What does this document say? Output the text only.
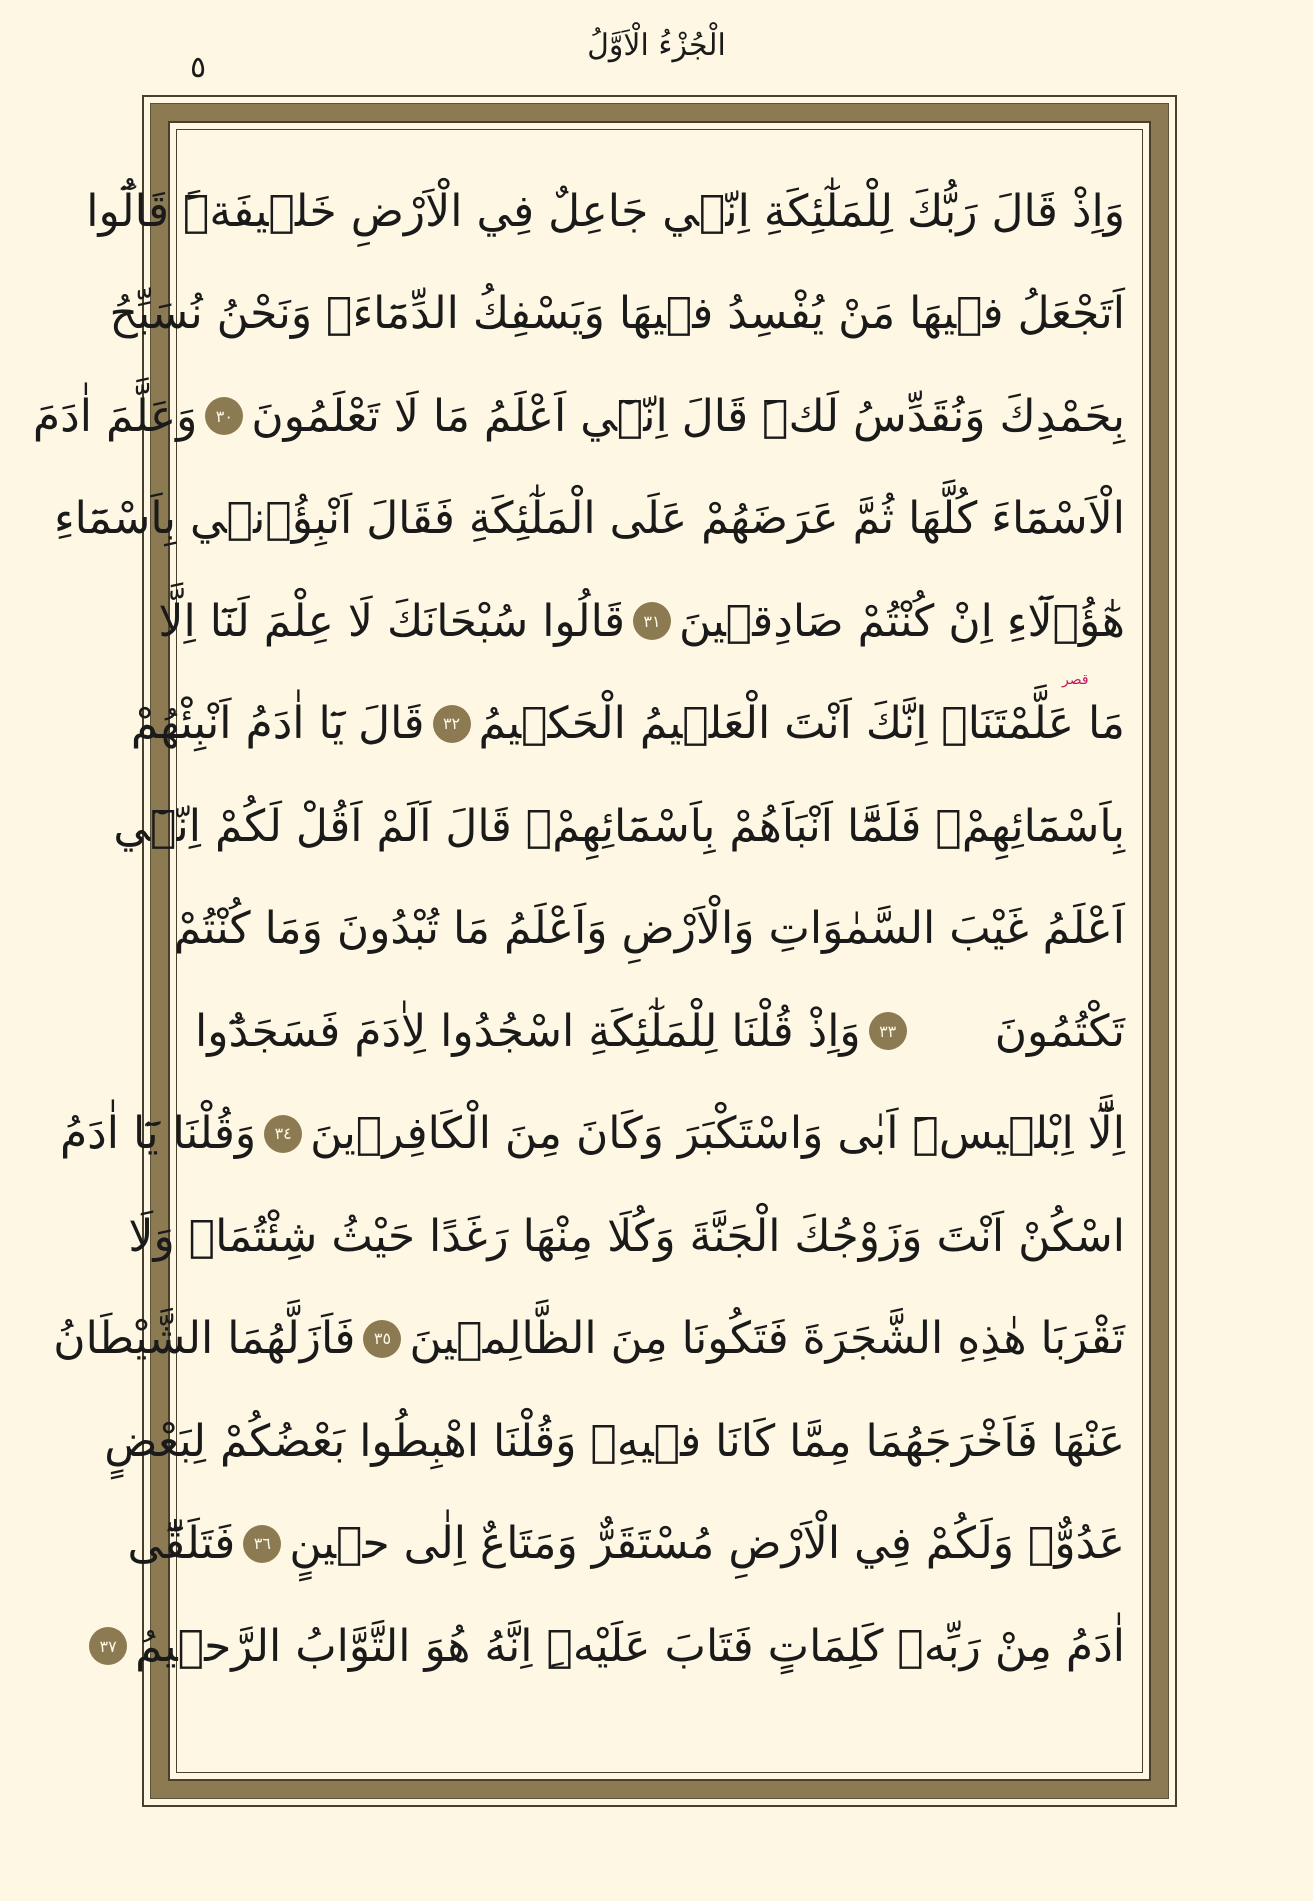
الْجُزْءُ الْاَوَّلُ
٥
وَاِذْ قَالَ رَبُّكَ لِلْمَلٰٓئِكَةِ اِنّ۪ي جَاعِلٌ فِي الْاَرْضِ خَل۪يفَةًۜ قَالُٓوا
اَتَجْعَلُ ف۪يهَا مَنْ يُفْسِدُ ف۪يهَا وَيَسْفِكُ الدِّمَٓاءَۚ وَنَحْنُ نُسَبِّحُ
بِحَمْدِكَ وَنُقَدِّسُ لَكَۜ قَالَ اِنّ۪ٓي اَعْلَمُ مَا لَا تَعْلَمُونَ
٣٠
وَعَلَّمَ اٰدَمَ
الْاَسْمَٓاءَ كُلَّهَا ثُمَّ عَرَضَهُمْ عَلَى الْمَلٰٓئِكَةِ فَقَالَ اَنْبِؤُ۫ن۪ي بِاَسْمَٓاءِ
هٰٓؤُ۬لَٓاءِ اِنْ كُنْتُمْ صَادِق۪ينَ
٣١
قَالُوا سُبْحَانَكَ لَا عِلْمَ لَنَٓا اِلَّا
مَا عَلَّمْتَنَاۜ اِنَّكَ اَنْتَ الْعَل۪يمُ الْحَك۪يمُ
٣٢
قَالَ يَٓا اٰدَمُ اَنْبِئْهُمْ
بِاَسْمَٓائِهِمْۚ فَلَمَّٓا اَنْبَاَهُمْ بِاَسْمَٓائِهِمْۙ قَالَ اَلَمْ اَقُلْ لَكُمْ اِنّ۪ٓي
اَعْلَمُ غَيْبَ السَّمٰوَاتِ وَالْاَرْضِ وَاَعْلَمُ مَا تُبْدُونَ وَمَا كُنْتُمْ
تَكْتُمُونَ
٣٣
وَاِذْ قُلْنَا لِلْمَلٰٓئِكَةِ اسْجُدُوا لِاٰدَمَ فَسَجَدُٓوا
اِلَّٓا اِبْل۪يسَۜ اَبٰى وَاسْتَكْبَرَ وَكَانَ مِنَ الْكَافِر۪ينَ
٣٤
وَقُلْنَا يَٓا اٰدَمُ
اسْكُنْ اَنْتَ وَزَوْجُكَ الْجَنَّةَ وَكُلَا مِنْهَا رَغَدًا حَيْثُ شِئْتُمَاۖ وَلَا
تَقْرَبَا هٰذِهِ الشَّجَرَةَ فَتَكُونَا مِنَ الظَّالِم۪ينَ
٣٥
فَاَزَلَّهُمَا الشَّيْطَانُ
عَنْهَا فَاَخْرَجَهُمَا مِمَّا كَانَا ف۪يهِۖ وَقُلْنَا اهْبِطُوا بَعْضُكُمْ لِبَعْضٍ
عَدُوٌّۚ وَلَكُمْ فِي الْاَرْضِ مُسْتَقَرٌّ وَمَتَاعٌ اِلٰى ح۪ينٍ
٣٦
فَتَلَقّٰٓى
اٰدَمُ مِنْ رَبِّه۪ كَلِمَاتٍ فَتَابَ عَلَيْهِۜ اِنَّهُ هُوَ التَّوَّابُ الرَّح۪يمُ
٣٧
قصر
